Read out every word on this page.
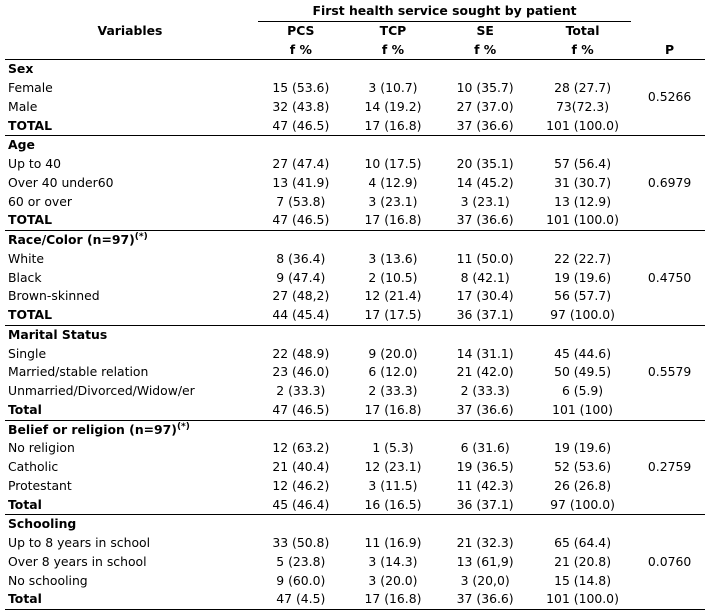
	First health service sought by patient				

Variables	PCS	TCP	SE	Total	
	f %	f %	f %	f %	P
Sex					0.5266
Female	15 (53.6)	3 (10.7)	10 (35.7)	28 (27.7)	
Male	32 (43.8)	14 (19.2)	27 (37.0)	73(72.3)	
TOTAL	47 (46.5)	17 (16.8)	37 (36.6)	101 (100.0)	
Age					0.6979
Up to 40	27 (47.4)	10 (17.5)	20 (35.1)	57 (56.4)	
Over 40 under60	13 (41.9)	4 (12.9)	14 (45.2)	31 (30.7)	
60 or over	7 (53.8)	3 (23.1)	3 (23.1)	13 (12.9)	
TOTAL	47 (46.5)	17 (16.8)	37 (36.6)	101 (100.0)	
Race/Color (n=97)(*)					0.4750
White	8 (36.4)	3 (13.6)	11 (50.0)	22 (22.7)	
Black	9 (47.4)	2 (10.5)	8 (42.1)	19 (19.6)	
Brown-skinned	27 (48,2)	12 (21.4)	17 (30.4)	56 (57.7)	
TOTAL	44 (45.4)	17 (17.5)	36 (37.1)	97 (100.0)	
Marital Status					0.5579
Single	22 (48.9)	9 (20.0)	14 (31.1)	45 (44.6)	
Married/stable relation	23 (46.0)	6 (12.0)	21 (42.0)	50 (49.5)	
Unmarried/Divorced/Widow/er	2 (33.3)	2 (33.3)	2 (33.3)	6 (5.9)	
Total	47 (46.5)	17 (16.8)	37 (36.6)	101 (100)	
Belief or religion (n=97)(*)					0.2759
No religion	12 (63.2)	1 (5.3)	6 (31.6)	19 (19.6)	
Catholic	21 (40.4)	12 (23.1)	19 (36.5)	52 (53.6)	
Protestant	12 (46.2)	3 (11.5)	11 (42.3)	26 (26.8)	
Total	45 (46.4)	16 (16.5)	36 (37.1)	97 (100.0)	
Schooling					0.0760
Up to 8 years in school	33 (50.8)	11 (16.9)	21 (32.3)	65 (64.4)	
Over 8 years in school	5 (23.8)	3 (14.3)	13 (61,9)	21 (20.8)	
No schooling	9 (60.0)	3 (20.0)	3 (20,0)	15 (14.8)	
Total	47 (4.5)	17 (16.8)	37 (36.6)	101 (100.0)	
